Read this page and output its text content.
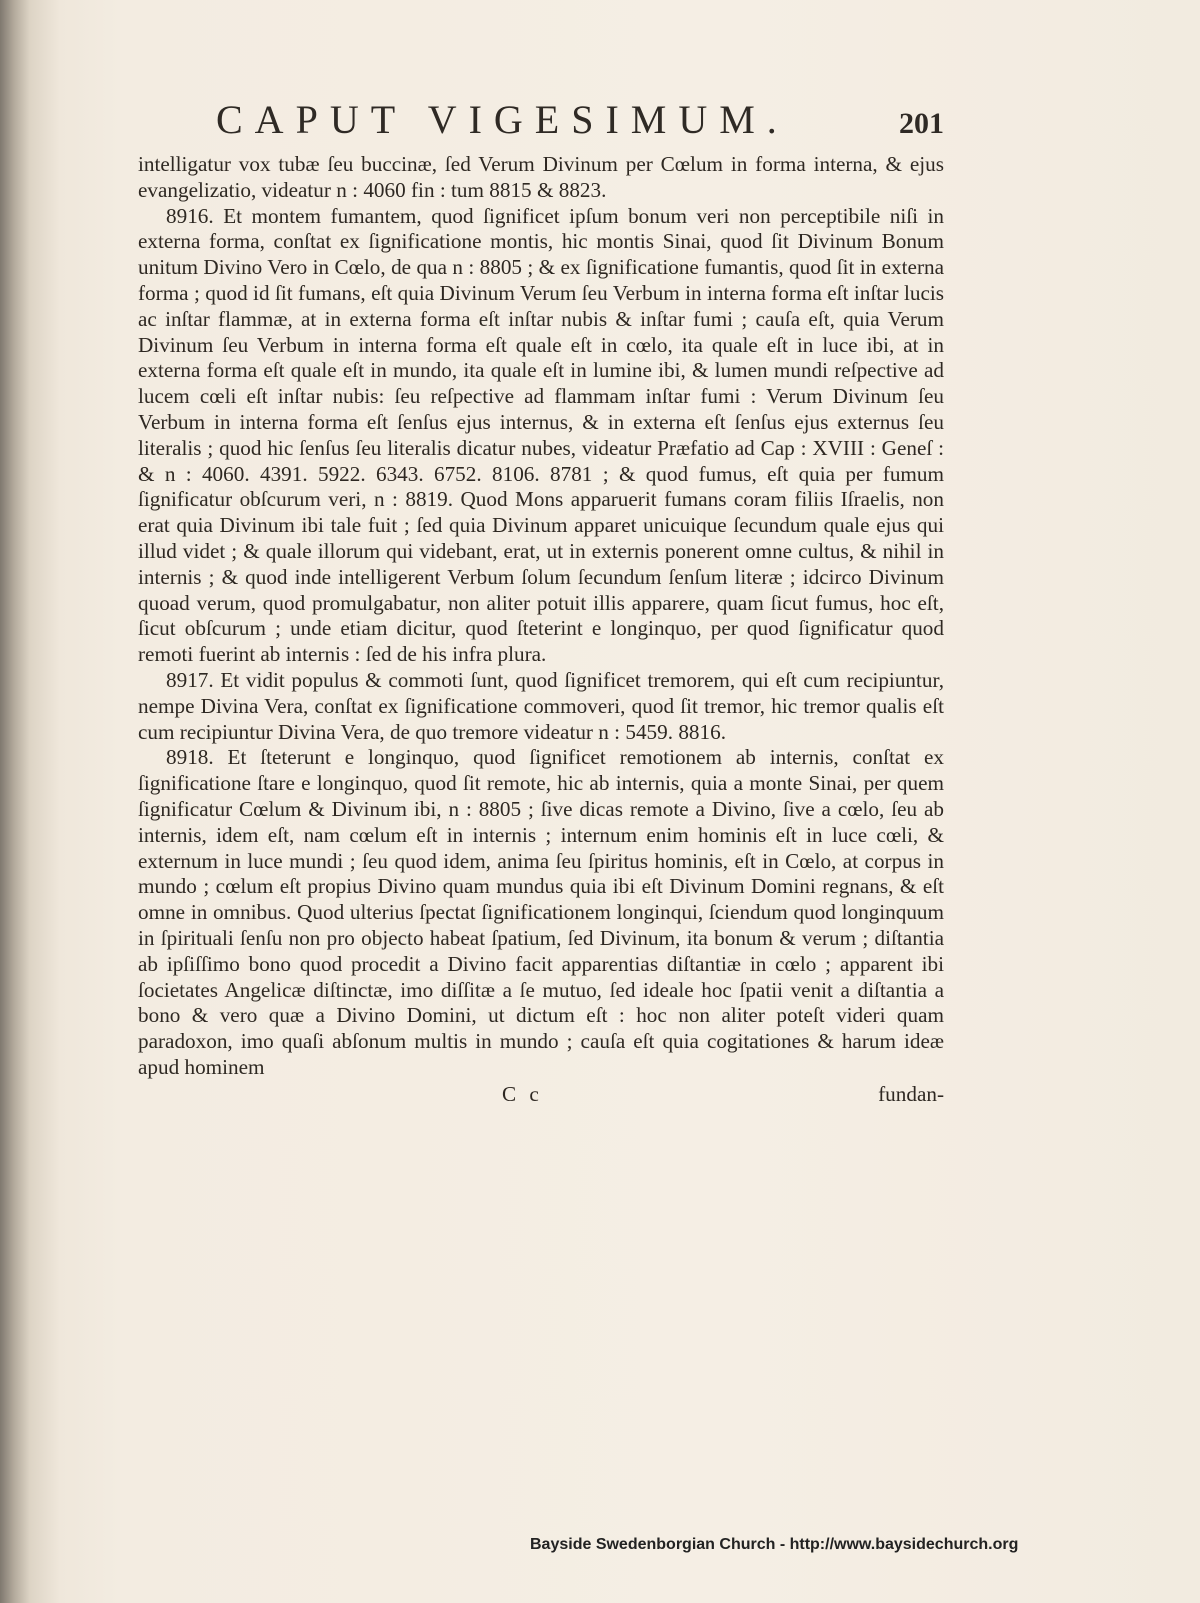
CAPUT VIGESIMUM.	201

intelligatur vox tubæ ſeu buccinæ, ſed Verum Divinum per Cœlum in forma interna, & ejus evangelizatio, videatur n : 4060 fin : tum 8815 & 8823.

8916. Et montem fumantem, quod ſignificet ipſum bonum veri non perceptibile niſi in externa forma, conſtat ex ſignificatione montis, hic montis Sinai, quod ſit Divinum Bonum unitum Divino Vero in Cœlo, de qua n : 8805 ; & ex ſignificatione fumantis, quod ſit in externa forma ; quod id ſit fumans, eſt quia Divinum Verum ſeu Verbum in interna forma eſt inſtar lucis ac inſtar flammæ, at in externa forma eſt inſtar nubis & inſtar fumi ; cauſa eſt, quia Verum Divinum ſeu Verbum in interna forma eſt quale eſt in cœlo, ita quale eſt in luce ibi, at in externa forma eſt quale eſt in mundo, ita quale eſt in lumine ibi, & lumen mundi reſpective ad lucem cœli eſt inſtar nubis: ſeu reſpective ad flammam inſtar fumi : Verum Divinum ſeu Verbum in interna forma eſt ſenſus ejus internus, & in externa eſt ſenſus ejus externus ſeu literalis ; quod hic ſenſus ſeu literalis dicatur nubes, videatur Præfatio ad Cap : XVIII : Geneſ : & n : 4060. 4391. 5922. 6343. 6752. 8106. 8781 ; & quod fumus, eſt quia per fumum ſignificatur obſcurum veri, n : 8819. Quod Mons apparuerit fumans coram filiis Iſraelis, non erat quia Divinum ibi tale fuit ; ſed quia Divinum apparet unicuique ſecundum quale ejus qui illud videt ; & quale illorum qui videbant, erat, ut in externis ponerent omne cultus, & nihil in internis ; & quod inde intelligerent Verbum ſolum ſecundum ſenſum literæ ; idcirco Divinum quoad verum, quod promulgabatur, non aliter potuit illis apparere, quam ſicut fumus, hoc eſt, ſicut obſcurum ; unde etiam dicitur, quod ſteterint e longinquo, per quod ſignificatur quod remoti fuerint ab internis : ſed de his infra plura.

8917. Et vidit populus & commoti ſunt, quod ſignificet tremorem, qui eſt cum recipiuntur, nempe Divina Vera, conſtat ex ſignificatione commoveri, quod ſit tremor, hic tremor qualis eſt cum recipiuntur Divina Vera, de quo tremore videatur n : 5459. 8816.

8918. Et ſteterunt e longinquo, quod ſignificet remotionem ab internis, conſtat ex ſignificatione ſtare e longinquo, quod ſit remote, hic ab internis, quia a monte Sinai, per quem ſignificatur Cœlum & Divinum ibi, n : 8805 ; ſive dicas remote a Divino, ſive a cœlo, ſeu ab internis, idem eſt, nam cœlum eſt in internis ; internum enim hominis eſt in luce cœli, & externum in luce mundi ; ſeu quod idem, anima ſeu ſpiritus hominis, eſt in Cœlo, at corpus in mundo ; cœlum eſt propius Divino quam mundus quia ibi eſt Divinum Domini regnans, & eſt omne in omnibus. Quod ulterius ſpectat ſignificationem longinqui, ſciendum quod longinquum in ſpirituali ſenſu non pro objecto habeat ſpatium, ſed Divinum, ita bonum & verum ; diſtantia ab ipſiſſimo bono quod procedit a Divino facit apparentias diſtantiæ in cœlo ; apparent ibi ſocietates Angelicæ diſtinctæ, imo diſſitæ a ſe mutuo, ſed ideale hoc ſpatii venit a diſtantia a bono & vero quæ a Divino Domini, ut dictum eſt : hoc non aliter poteſt videri quam paradoxon, imo quaſi abſonum multis in mundo ; cauſa eſt quia cogitationes & harum ideæ apud hominem

C c	fundan-
Bayside Swedenborgian Church - http://www.baysidechurch.org
